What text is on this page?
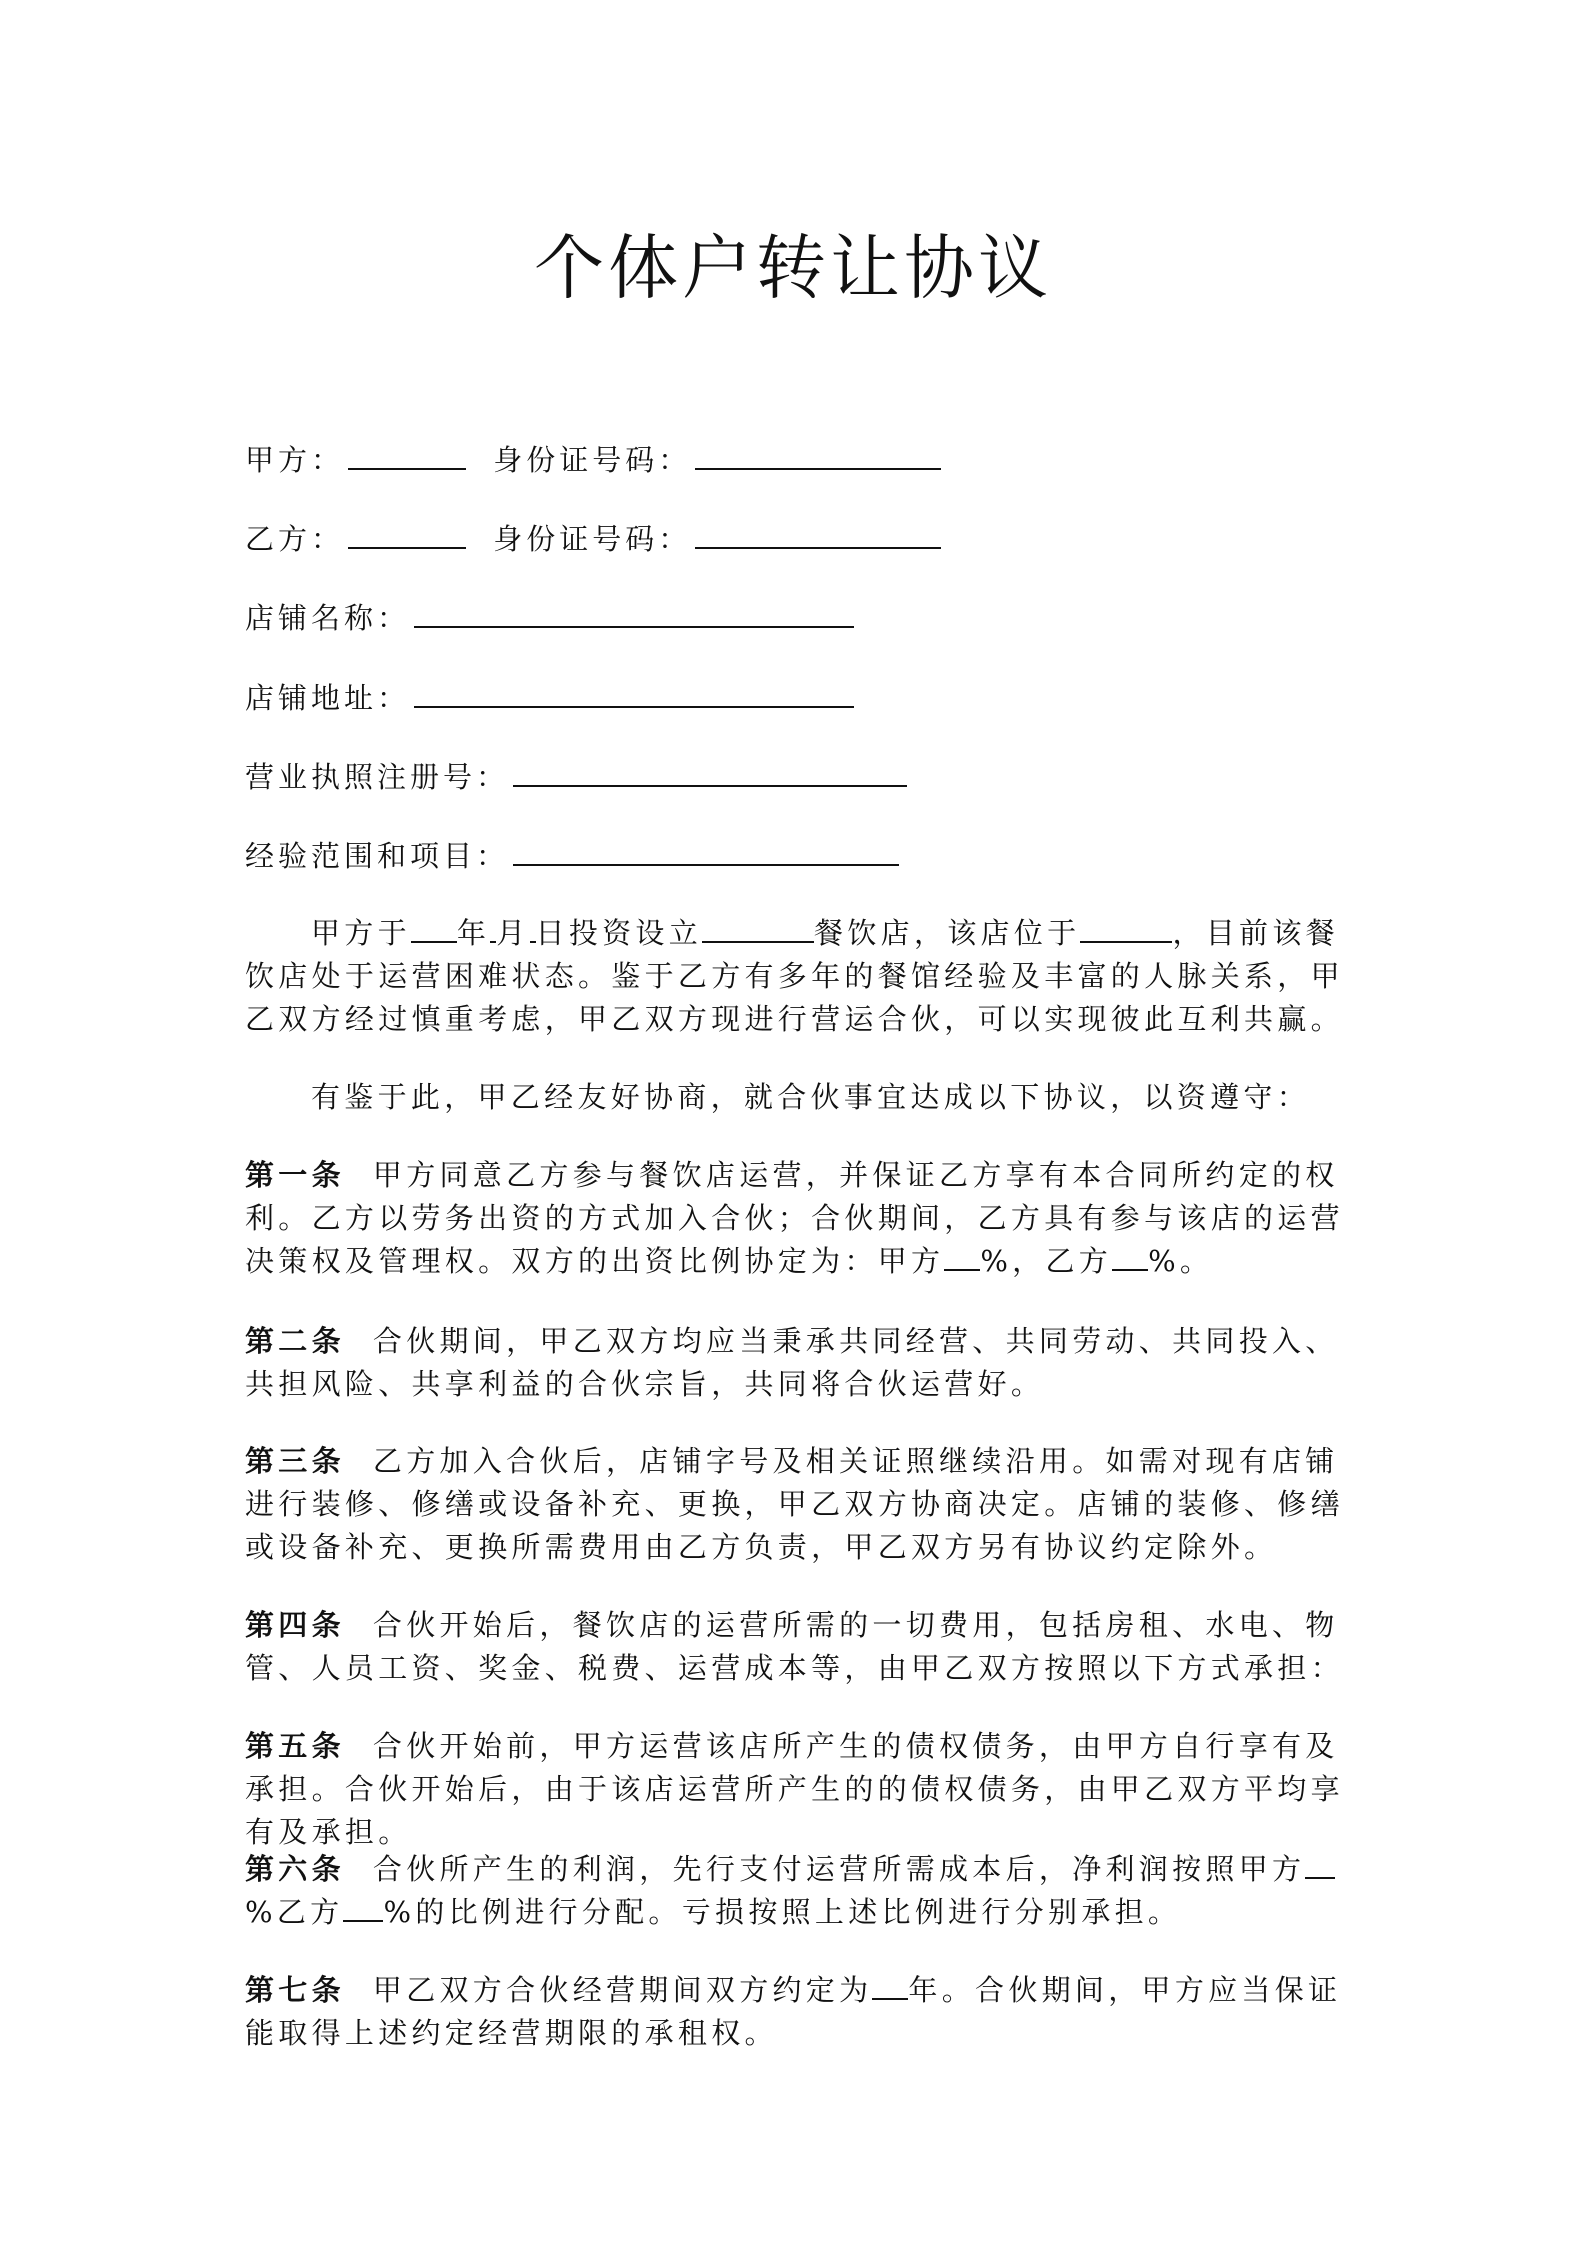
个体户转让协议
甲方：	身份证号码：
乙方：	身份证号码：
店铺名称：
店铺地址：
营业执照注册号：
经验范围和项目：
甲方于 年 月 日投资设立	餐饮店，该店位于	，目前该餐饮店处于运营困难状态。鉴于乙方有多年的餐馆经验及丰富的人脉关系，甲乙双方经过慎重考虑，甲乙双方现进行营运合伙，可以实现彼此互利共赢。
有鉴于此，甲乙经友好协商，就合伙事宜达成以下协议，以资遵守：
第一条 甲方同意乙方参与餐饮店运营，并保证乙方享有本合同所约定的权利。乙方以劳务出资的方式加入合伙；合伙期间，乙方具有参与该店的运营决策权及管理权。双方的出资比例协定为：甲方 %，乙方 %。
第二条 合伙期间，甲乙双方均应当秉承共同经营、共同劳动、共同投入、共担风险、共享利益的合伙宗旨，共同将合伙运营好。
第三条 乙方加入合伙后，店铺字号及相关证照继续沿用。如需对现有店铺进行装修、修缮或设备补充、更换，甲乙双方协商决定。店铺的装修、修缮或设备补充、更换所需费用由乙方负责，甲乙双方另有协议约定除外。
第四条 合伙开始后，餐饮店的运营所需的一切费用，包括房租、水电、物管、人员工资、奖金、税费、运营成本等，由甲乙双方按照以下方式承担：
第五条 合伙开始前，甲方运营该店所产生的债权债务，由甲方自行享有及承担。合伙开始后，由于该店运营所产生的的债权债务，由甲乙双方平均享有及承担。
第六条 合伙所产生的利润，先行支付运营所需成本后，净利润按照甲方%乙方 %的比例进行分配。亏损按照上述比例进行分别承担。
第七条 甲乙双方合伙经营期间双方约定为 年。合伙期间，甲方应当保证能取得上述约定经营期限的承租权。
